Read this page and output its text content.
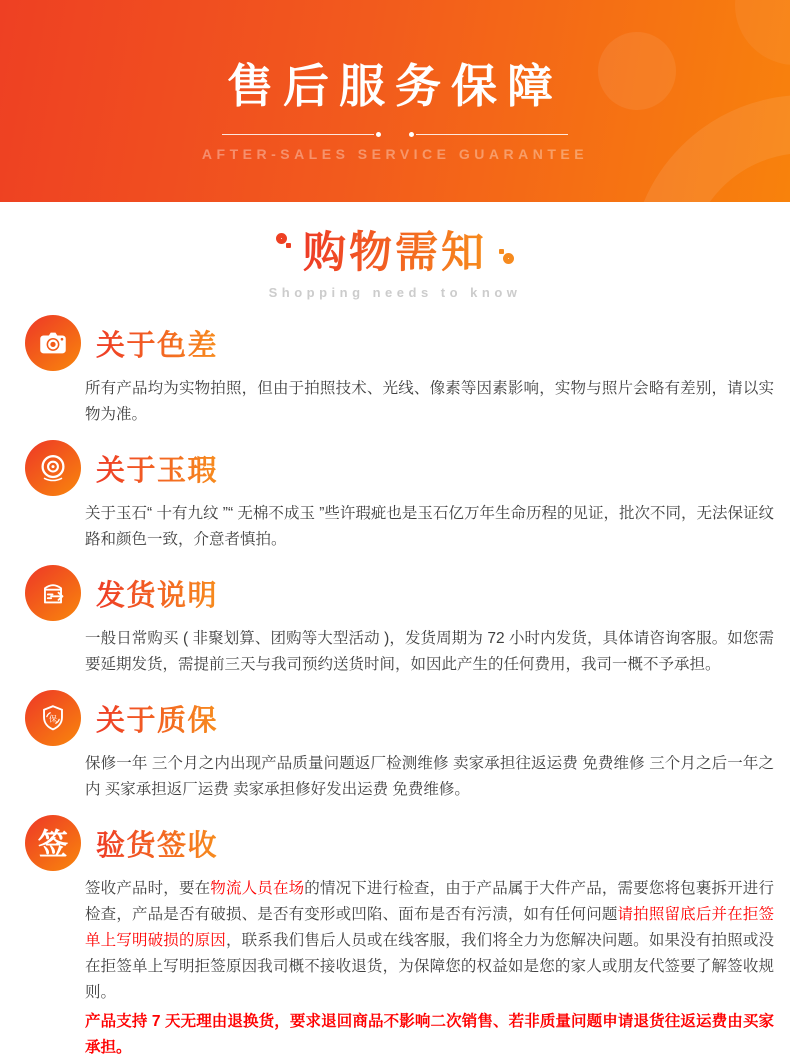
售后服务保障
AFTER-SALES SERVICE GUARANTEE
购物需知
Shopping needs to know
关于色差

所有产品均为实物拍照，但由于拍照技术、光线、像素等因素影响，实物与照片会略有差别，请以实物为准。

关于玉瑕

关于玉石“ 十有九纹 ”“ 无棉不成玉 ”些许瑕疵也是玉石亿万年生命历程的见证，批次不同，无法保证纹路和颜色一致，介意者慎拍。

发货说明

一般日常购买 ( 非聚划算、团购等大型活动 )，发货周期为 72 小时内发货，具体请咨询客服。如您需要延期发货，需提前三天与我司预约送货时间，如因此产生的任何费用，我司一概不予承担。

保 关于质保

保修一年 三个月之内出现产品质量问题返厂检测维修 卖家承担往返运费 免费维修 三个月之后一年之内 买家承担返厂运费 卖家承担修好发出运费 免费维修。

签 验货签收

签收产品时，要在物流人员在场的情况下进行检查，由于产品属于大件产品，需要您将包裹拆开进行检查，产品是否有破损、是否有变形或凹陷、面布是否有污渍，如有任何问题请拍照留底后并在拒签单上写明破损的原因，联系我们售后人员或在线客服，我们将全力为您解决问题。如果没有拍照或没在拒签单上写明拒签原因我司概不接收退货，为保障您的权益如是您的家人或朋友代签要了解签收规则。

产品支持 7 天无理由退换货，要求退回商品不影响二次销售、若非质量问题申请退货往返运费由买家承担。
